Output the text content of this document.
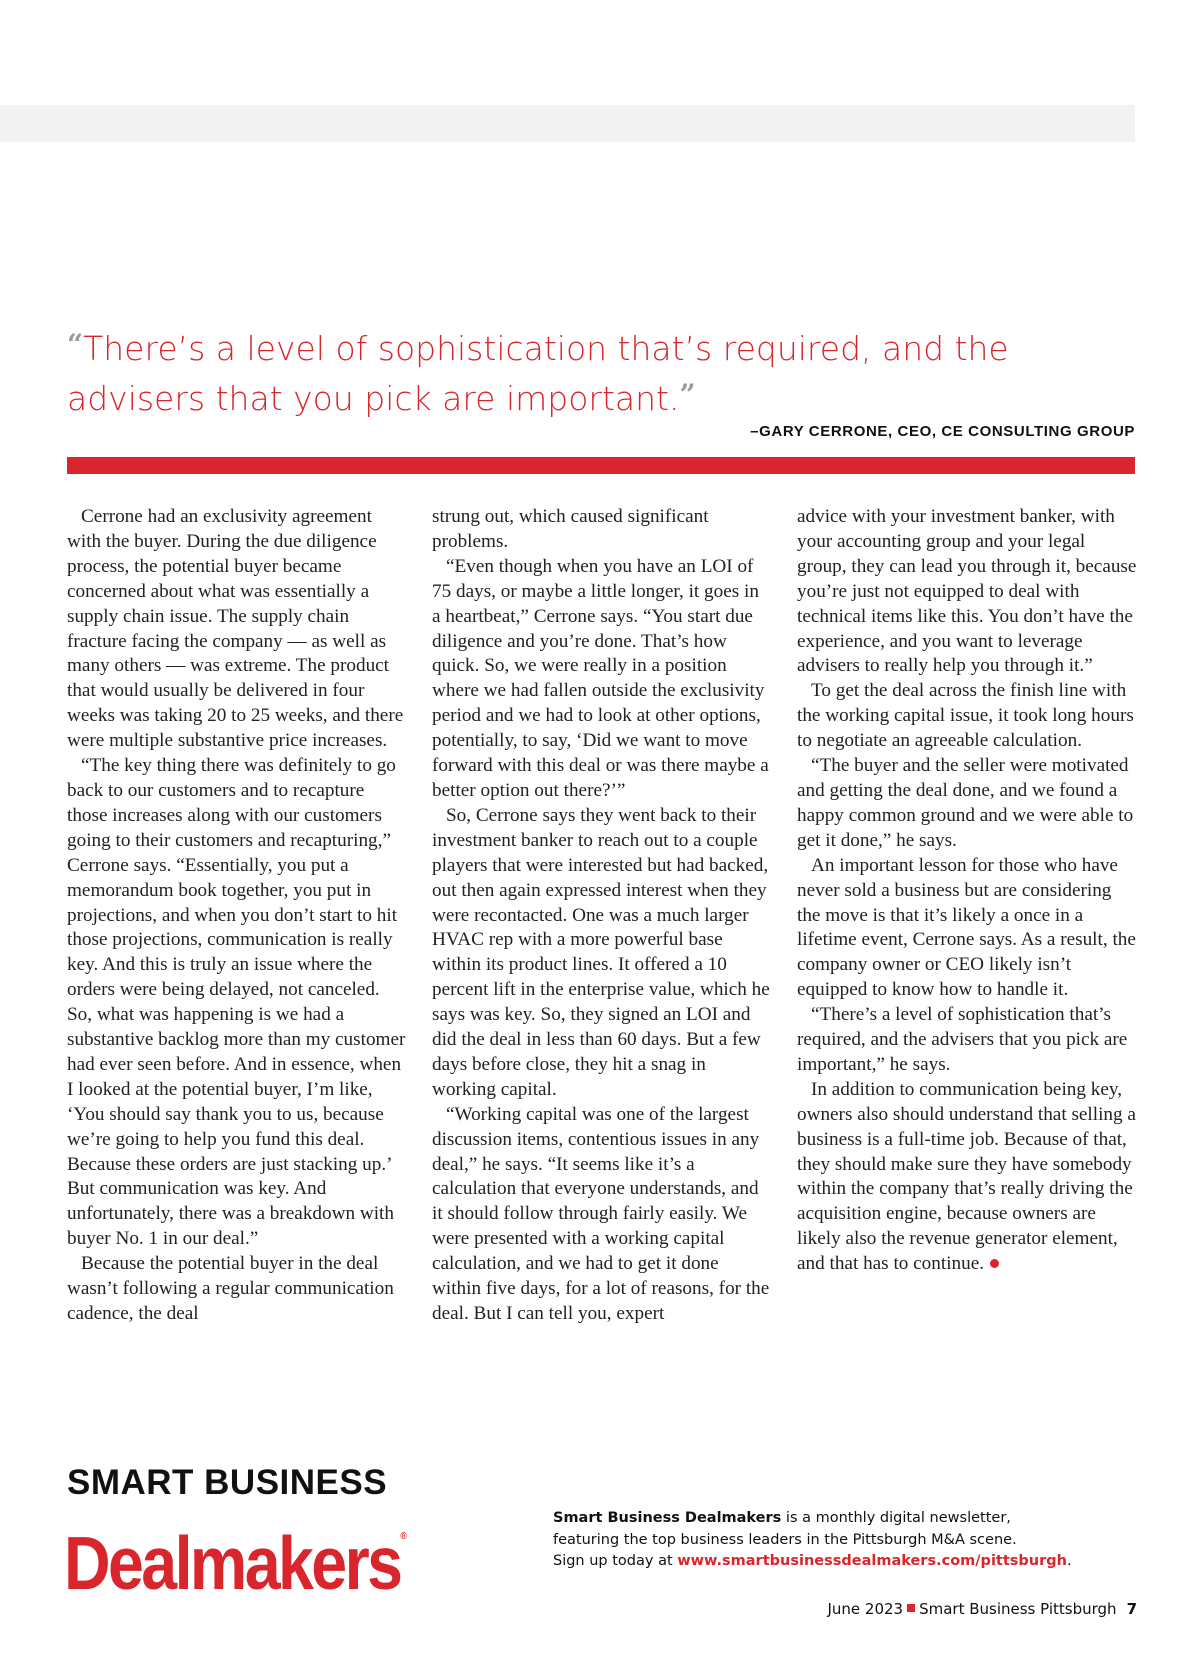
“There’s a level of sophistication that’s required, and the advisers that you pick are important.”
–GARY CERRONE, CEO, CE CONSULTING GROUP

Cerrone had an exclusivity agreement with the buyer. During the due diligence process, the potential buyer became concerned about what was essentially a supply chain issue. The supply chain fracture facing the company — as well as many others — was extreme. The product that would usually be delivered in four weeks was taking 20 to 25 weeks, and there were multiple substantive price increases.

“The key thing there was definitely to go back to our customers and to recapture those increases along with our customers going to their customers and recapturing,” Cerrone says. “Essentially, you put a memorandum book together, you put in projections, and when you don’t start to hit those projections, communication is really key. And this is truly an issue where the orders were being delayed, not canceled. So, what was happening is we had a substantive backlog more than my customer had ever seen before. And in essence, when I looked at the potential buyer, I’m like, ‘You should say thank you to us, because we’re going to help you fund this deal. Because these orders are just stacking up.’ But communication was key. And unfortunately, there was a breakdown with buyer No. 1 in our deal.”

Because the potential buyer in the deal wasn’t following a regular communication cadence, the deal

strung out, which caused significant problems.

“Even though when you have an LOI of 75 days, or maybe a little longer, it goes in a heartbeat,” Cerrone says. “You start due diligence and you’re done. That’s how quick. So, we were really in a position where we had fallen outside the exclusivity period and we had to look at other options, potentially, to say, ‘Did we want to move forward with this deal or was there maybe a better option out there?’”

So, Cerrone says they went back to their investment banker to reach out to a couple players that were interested but had backed, out then again expressed interest when they were recontacted. One was a much larger HVAC rep with a more powerful base within its product lines. It offered a 10 percent lift in the enterprise value, which he says was key. So, they signed an LOI and did the deal in less than 60 days. But a few days before close, they hit a snag in working capital.

“Working capital was one of the largest discussion items, contentious issues in any deal,” he says. “It seems like it’s a calculation that everyone understands, and it should follow through fairly easily. We were presented with a working capital calculation, and we had to get it done within five days, for a lot of reasons, for the deal. But I can tell you, expert

advice with your investment banker, with your accounting group and your legal group, they can lead you through it, because you’re just not equipped to deal with technical items like this. You don’t have the experience, and you want to leverage advisers to really help you through it.”

To get the deal across the finish line with the working capital issue, it took long hours to negotiate an agreeable calculation.

“The buyer and the seller were motivated and getting the deal done, and we found a happy common ground and we were able to get it done,” he says.

An important lesson for those who have never sold a business but are considering the move is that it’s likely a once in a lifetime event, Cerrone says. As a result, the company owner or CEO likely isn’t equipped to know how to handle it.

“There’s a level of sophistication that’s required, and the advisers that you pick are important,” he says.

In addition to communication being key, owners also should understand that selling a business is a full-time job. Because of that, they should make sure they have somebody within the company that’s really driving the acquisition engine, because owners are likely also the revenue generator element, and that has to continue.

SMART BUSINESS
Dealmakers®
Smart Business Dealmakers is a monthly digital newsletter,
featuring the top business leaders in the Pittsburgh M&A scene.
Sign up today at www.smartbusinessdealmakers.com/pittsburgh.
June 2023 Smart Business Pittsburgh 7
